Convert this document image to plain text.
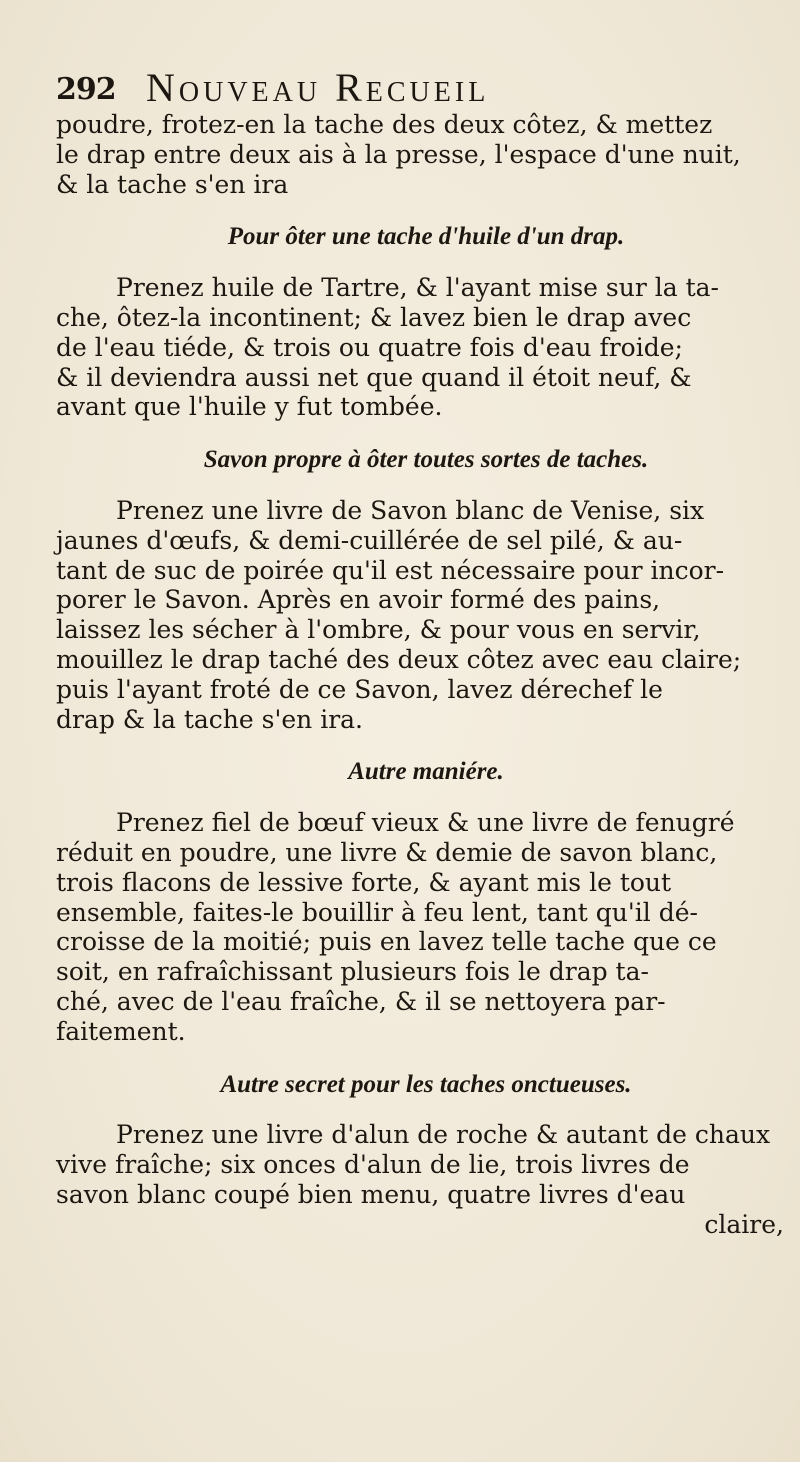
292 Nouveau Recueil
poudre, frotez-en la tache des deux côtez, & mettez
le drap entre deux ais à la presse, l'espace d'une nuit,
& la tache s'en ira
Pour ôter une tache d'huile d'un drap.
Prenez huile de Tartre, & l'ayant mise sur la ta-
che, ôtez-la incontinent; & lavez bien le drap avec
de l'eau tiéde, & trois ou quatre fois d'eau froide;
& il deviendra aussi net que quand il étoit neuf, &
avant que l'huile y fut tombée.
Savon propre à ôter toutes sortes de taches.
Prenez une livre de Savon blanc de Venise, six
jaunes d'œufs, & demi-cuillérée de sel pilé, & au-
tant de suc de poirée qu'il est nécessaire pour incor-
porer le Savon. Après en avoir formé des pains,
laissez les sécher à l'ombre, & pour vous en servir,
mouillez le drap taché des deux côtez avec eau claire;
puis l'ayant froté de ce Savon, lavez dérechef le
drap & la tache s'en ira.
Autre maniére.
Prenez fiel de bœuf vieux & une livre de fenugré
réduit en poudre, une livre & demie de savon blanc,
trois flacons de lessive forte, & ayant mis le tout
ensemble, faites-le bouillir à feu lent, tant qu'il dé-
croisse de la moitié; puis en lavez telle tache que ce
soit, en rafraîchissant plusieurs fois le drap ta-
ché, avec de l'eau fraîche, & il se nettoyera par-
faitement.
Autre secret pour les taches onctueuses.
Prenez une livre d'alun de roche & autant de chaux
vive fraîche; six onces d'alun de lie, trois livres de
savon blanc coupé bien menu, quatre livres d'eau
claire,
